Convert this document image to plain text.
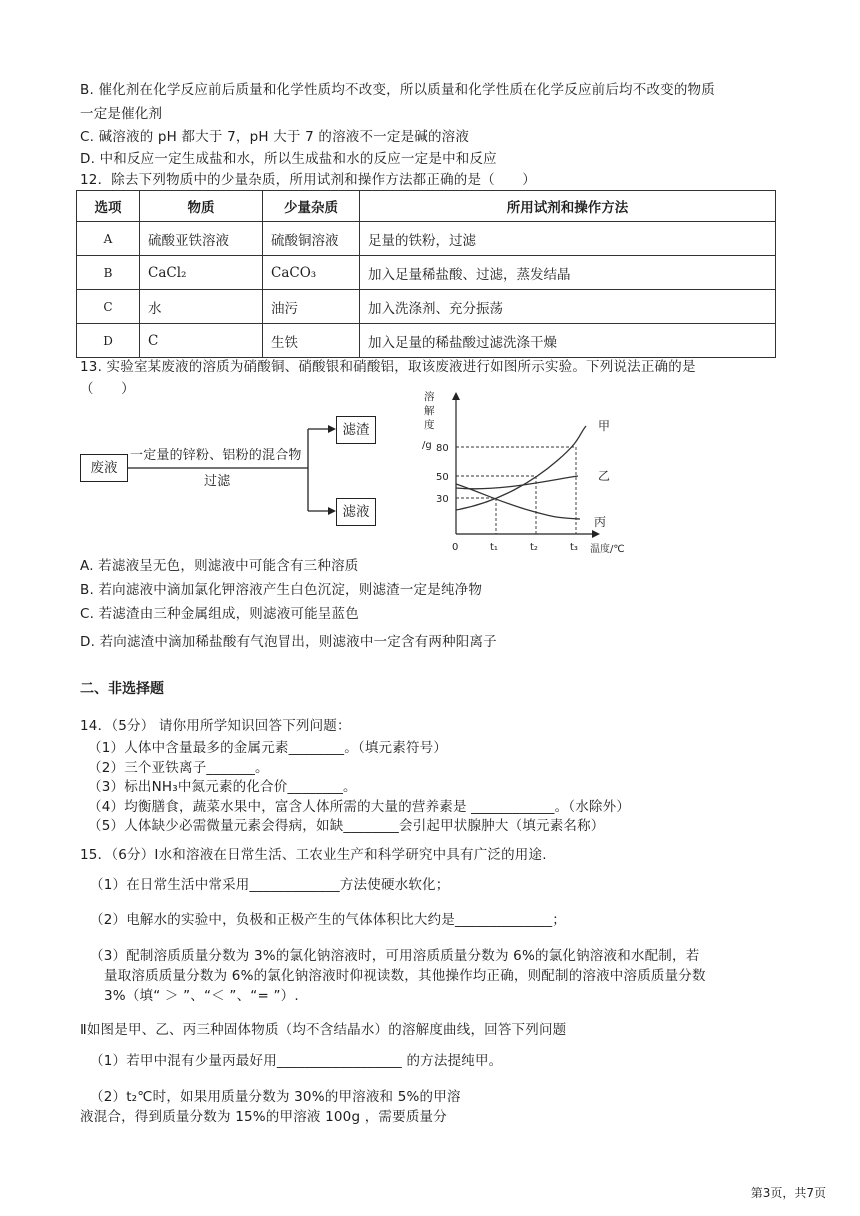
B. 催化剂在化学反应前后质量和化学性质均不改变，所以质量和化学性质在化学反应前后均不改变的物质
一定是催化剂
C. 碱溶液的 pH 都大于 7，pH 大于 7 的溶液不一定是碱的溶液
D. 中和反应一定生成盐和水，所以生成盐和水的反应一定是中和反应
12．除去下列物质中的少量杂质，所用试剂和操作方法都正确的是（　　）
选项	物质	少量杂质	所用试剂和操作方法
A	硫酸亚铁溶液	硫酸铜溶液	足量的铁粉，过滤
B	CaCl₂	CaCO₃	加入足量稀盐酸、过滤，蒸发结晶
C	水	油污	加入洗涤剂、充分振荡
D	C	生铁	加入足量的稀盐酸过滤洗涤干燥
13. 实验室某废液的溶质为硝酸铜、硝酸银和硝酸铝，取该废液进行如图所示实验。下列说法正确的是
（　　）
废液
一定量的锌粉、铝粉的混合物
过滤
滤渣
滤液
溶
解
度
/g 80
50
30
0	t₁	t₂	t₃ 温度/℃
甲
乙
丙
A. 若滤液呈无色，则滤液中可能含有三种溶质
B. 若向滤液中滴加氯化钾溶液产生白色沉淀，则滤渣一定是纯净物
C. 若滤渣由三种金属组成，则滤液可能呈蓝色
D. 若向滤渣中滴加稀盐酸有气泡冒出，则滤液中一定含有两种阳离子
二、非选择题
14．（5分） 请你用所学知识回答下列问题：
（1）人体中含量最多的金属元素________。（填元素符号）
（2）三个亚铁离子_______。
（3）标出NH₃中氮元素的化合价________。
（4）均衡膳食，蔬菜水果中，富含人体所需的大量的营养素是 ____________。（水除外）
（5）人体缺少必需微量元素会得病，如缺________会引起甲状腺肿大（填元素名称）
15．（6分）Ⅰ水和溶液在日常生活、工农业生产和科学研究中具有广泛的用途.
（1）在日常生活中常采用_____________方法使硬水软化；
（2）电解水的实验中，负极和正极产生的气体体积比大约是______________；
（3）配制溶质质量分数为 3%的氯化钠溶液时，可用溶质质量分数为 6%的氯化钠溶液和水配制，若
量取溶质质量分数为 6%的氯化钠溶液时仰视读数，其他操作均正确，则配制的溶液中溶质质量分数
3%（填“ ＞ ”、“＜ ”、“= ”）.
Ⅱ如图是甲、乙、丙三种固体物质（均不含结晶水）的溶解度曲线，回答下列问题
（1）若甲中混有少量丙最好用__________________ 的方法提纯甲。
（2）t₂℃时，如果用质量分数为 30%的甲溶液和 5%的甲溶
液混合，得到质量分数为 15%的甲溶液 100g ，需要质量分
第3页，共7页
